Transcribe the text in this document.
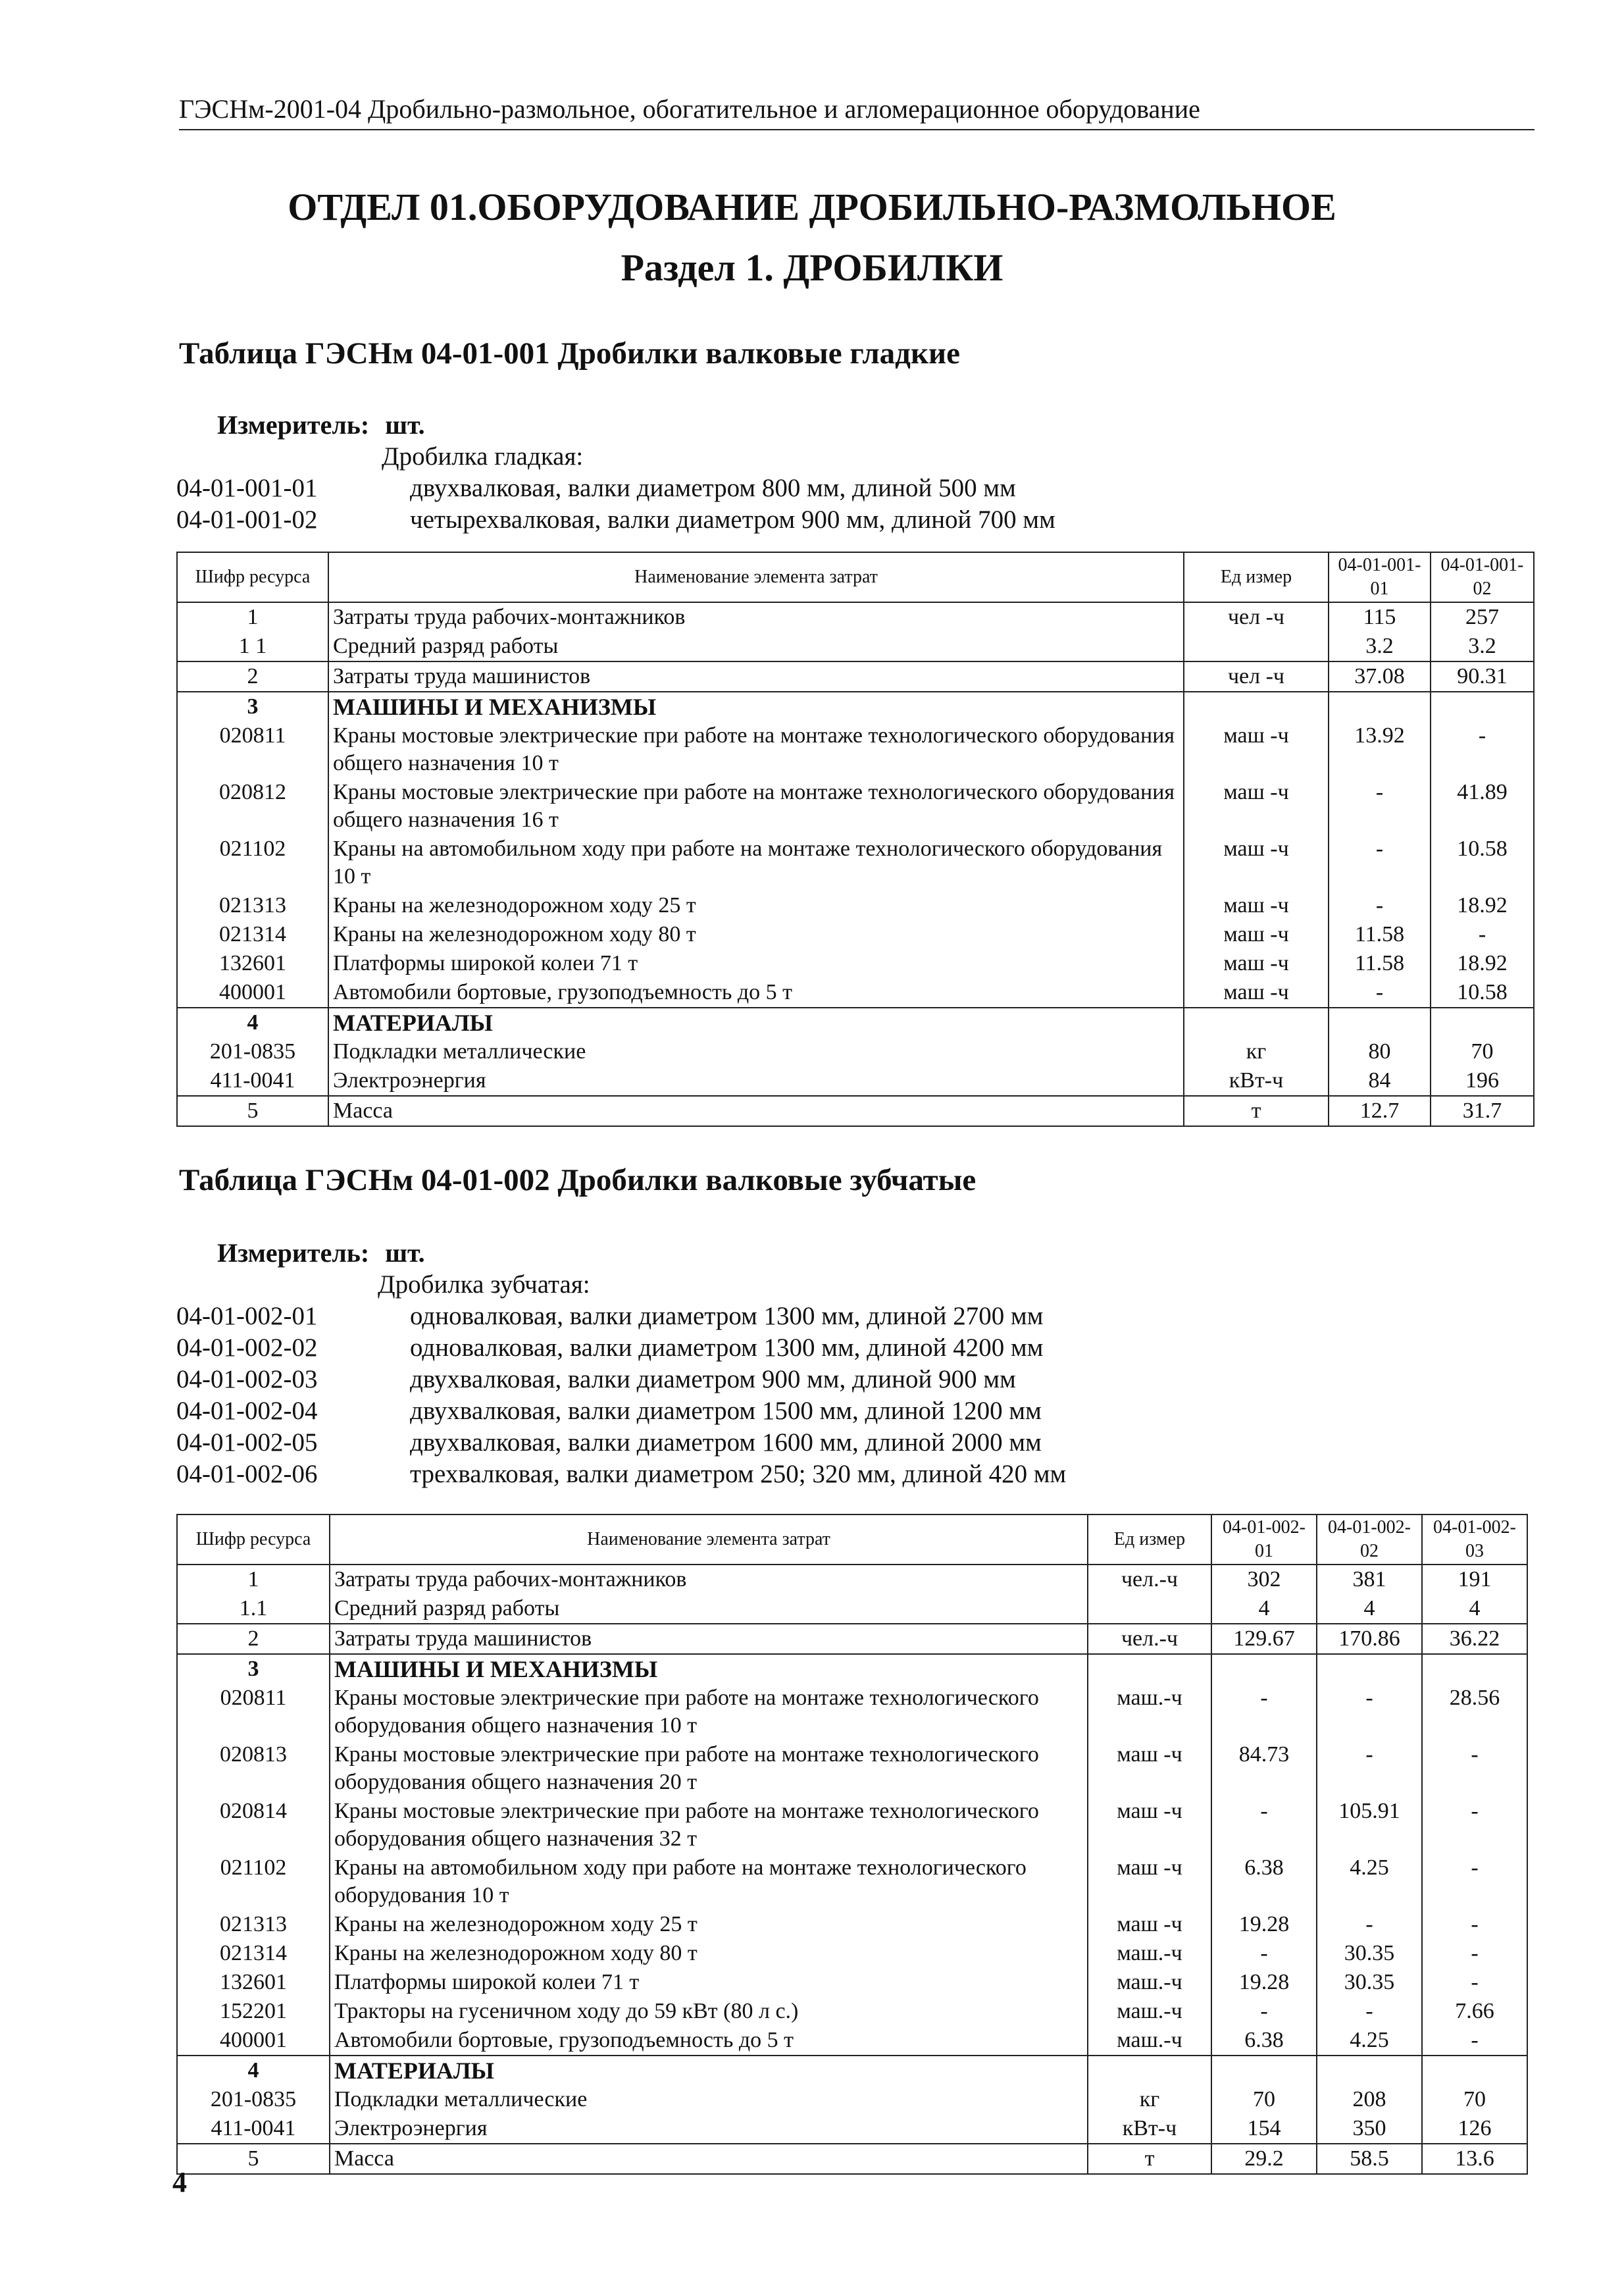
ГЭСНм-2001-04 Дробильно-размольное, обогатительное и агломерационное оборудование
ОТДЕЛ 01.ОБОРУДОВАНИЕ ДРОБИЛЬНО-РАЗМОЛЬНОЕ
Раздел 1. ДРОБИЛКИ
Таблица ГЭСНм 04-01-001 Дробилки валковые гладкие
Измеритель: шт.
Дробилка гладкая:
04-01-001-01	двухвалковая, валки диаметром 800 мм, длиной 500 мм
04-01-001-02	четырехвалковая, валки диаметром 900 мм, длиной 700 мм
Шифр ресурса	Наименование элемента затрат	Ед измер	04-01-001-01	04-01-001-02
1	Затраты труда рабочих-монтажников	чел -ч	115	257
1 1	Средний разряд работы		3.2	3.2
2	Затраты труда машинистов	чел -ч	37.08	90.31
3	МАШИНЫ И МЕХАНИЗМЫ			
020811	Краны мостовые электрические при работе на монтаже технологического оборудования общего назначения 10 т	маш -ч	13.92	-
020812	Краны мостовые электрические при работе на монтаже технологического оборудования общего назначения 16 т	маш -ч	-	41.89
021102	Краны на автомобильном ходу при работе на монтаже технологического оборудования 10 т	маш -ч	-	10.58
021313	Краны на железнодорожном ходу 25 т	маш -ч	-	18.92
021314	Краны на железнодорожном ходу 80 т	маш -ч	11.58	-
132601	Платформы широкой колеи 71 т	маш -ч	11.58	18.92
400001	Автомобили бортовые, грузоподъемность до 5 т	маш -ч	-	10.58
4	МАТЕРИАЛЫ			
201-0835	Подкладки металлические	кг	80	70
411-0041	Электроэнергия	кВт-ч	84	196
5	Масса	т	12.7	31.7
Таблица ГЭСНм 04-01-002 Дробилки валковые зубчатые
Измеритель: шт.
Дробилка зубчатая:
04-01-002-01	одновалковая, валки диаметром 1300 мм, длиной 2700 мм
04-01-002-02	одновалковая, валки диаметром 1300 мм, длиной 4200 мм
04-01-002-03	двухвалковая, валки диаметром 900 мм, длиной 900 мм
04-01-002-04	двухвалковая, валки диаметром 1500 мм, длиной 1200 мм
04-01-002-05	двухвалковая, валки диаметром 1600 мм, длиной 2000 мм
04-01-002-06	трехвалковая, валки диаметром 250; 320 мм, длиной 420 мм
Шифр ресурса	Наименование элемента затрат	Ед измер	04-01-002-01	04-01-002-02	04-01-002-03
1	Затраты труда рабочих-монтажников	чел.-ч	302	381	191
1.1	Средний разряд работы		4	4	4
2	Затраты труда машинистов	чел.-ч	129.67	170.86	36.22
3	МАШИНЫ И МЕХАНИЗМЫ				
020811	Краны мостовые электрические при работе на монтаже технологического оборудования общего назначения 10 т	маш.-ч	-	-	28.56
020813	Краны мостовые электрические при работе на монтаже технологического оборудования общего назначения 20 т	маш -ч	84.73	-	-
020814	Краны мостовые электрические при работе на монтаже технологического оборудования общего назначения 32 т	маш -ч	-	105.91	-
021102	Краны на автомобильном ходу при работе на монтаже технологического оборудования 10 т	маш -ч	6.38	4.25	-
021313	Краны на железнодорожном ходу 25 т	маш -ч	19.28	-	-
021314	Краны на железнодорожном ходу 80 т	маш.-ч	-	30.35	-
132601	Платформы широкой колеи 71 т	маш.-ч	19.28	30.35	-
152201	Тракторы на гусеничном ходу до 59 кВт (80 л с.)	маш.-ч	-	-	7.66
400001	Автомобили бортовые, грузоподъемность до 5 т	маш.-ч	6.38	4.25	-
4	МАТЕРИАЛЫ				
201-0835	Подкладки металлические	кг	70	208	70
411-0041	Электроэнергия	кВт-ч	154	350	126
5	Масса	т	29.2	58.5	13.6
4
